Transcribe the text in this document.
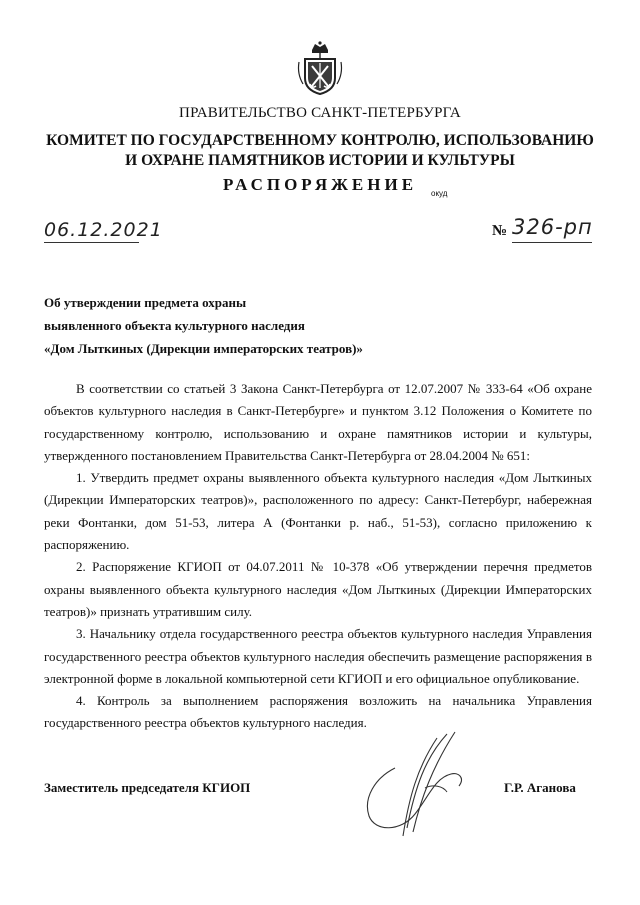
ПРАВИТЕЛЬСТВО САНКТ-ПЕТЕРБУРГА
КОМИТЕТ ПО ГОСУДАРСТВЕННОМУ КОНТРОЛЮ, ИСПОЛЬЗОВАНИЮ
И ОХРАНЕ ПАМЯТНИКОВ ИСТОРИИ И КУЛЬТУРЫ
РАСПОРЯЖЕНИЕ	окуд
06.12.2021	№ 326-рп
Об утверждении предмета охраны
выявленного объекта культурного наследия
«Дом Лыткиных (Дирекции императорских театров)»

В соответствии со статьей 3 Закона Санкт-Петербурга от 12.07.2007 № 333-64 «Об охране объектов культурного наследия в Санкт-Петербурге» и пунктом 3.12 Положения о Комитете по государственному контролю, использованию и охране памятников истории и культуры, утвержденного постановлением Правительства Санкт-Петербурга от 28.04.2004 № 651:

1. Утвердить предмет охраны выявленного объекта культурного наследия «Дом Лыткиных (Дирекции Императорских театров)», расположенного по адресу: Санкт-Петербург, набережная реки Фонтанки, дом 51-53, литера А (Фонтанки р. наб., 51-53), согласно приложению к распоряжению.

2. Распоряжение КГИОП от 04.07.2011 № 10-378 «Об утверждении перечня предметов охраны выявленного объекта культурного наследия «Дом Лыткиных (Дирекции Императорских театров)» признать утратившим силу.

3. Начальнику отдела государственного реестра объектов культурного наследия Управления государственного реестра объектов культурного наследия обеспечить размещение распоряжения в электронной форме в локальной компьютерной сети КГИОП и его официальное опубликование.

4. Контроль за выполнением распоряжения возложить на начальника Управления государственного реестра объектов культурного наследия.

Заместитель председателя КГИОП	Г.Р. Аганова
